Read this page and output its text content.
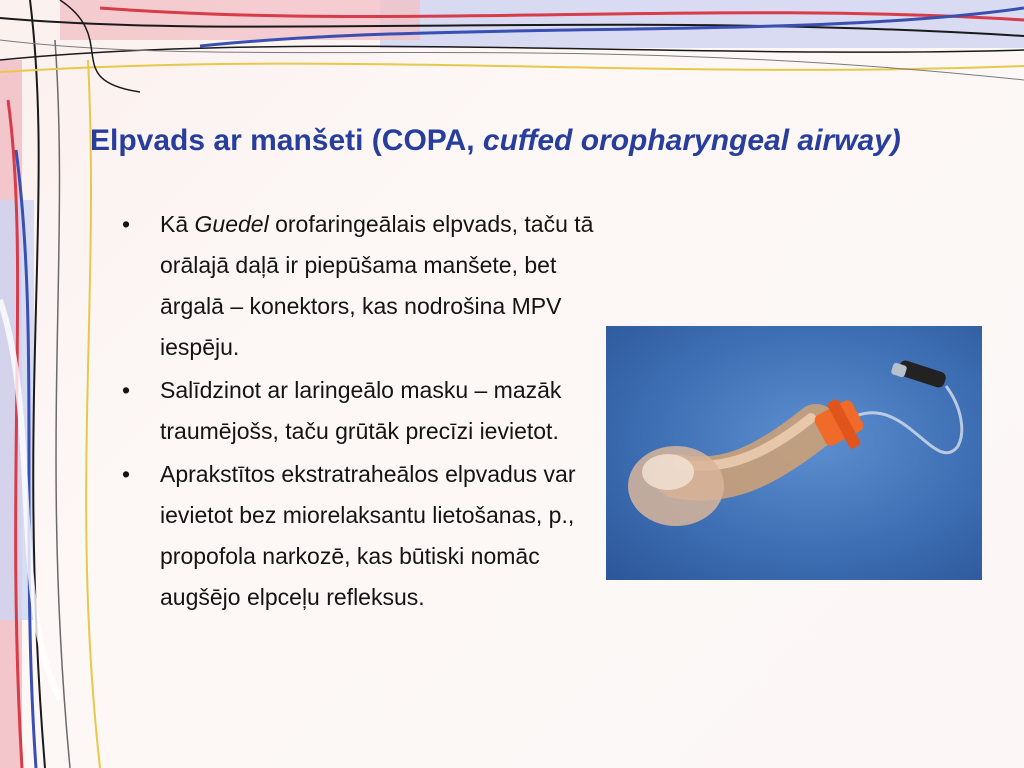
Elpvads ar manšeti (COPA, cuffed oropharyngeal airway)
• Kā Guedel orofaringeālais elpvads, taču tā orālajā daļā ir piepūšama manšete, bet ārgalā – konektors, kas nodrošina MPV iespēju.
• Salīdzinot ar laringeālo masku – mazāk traumējošs, taču grūtāk precīzi ievietot.
• Aprakstītos ekstratraheālos elpvadus var ievietot bez miorelaksantu lietošanas, p., propofola narkozē, kas būtiski nomāc augšējo elpceļu refleksus.
